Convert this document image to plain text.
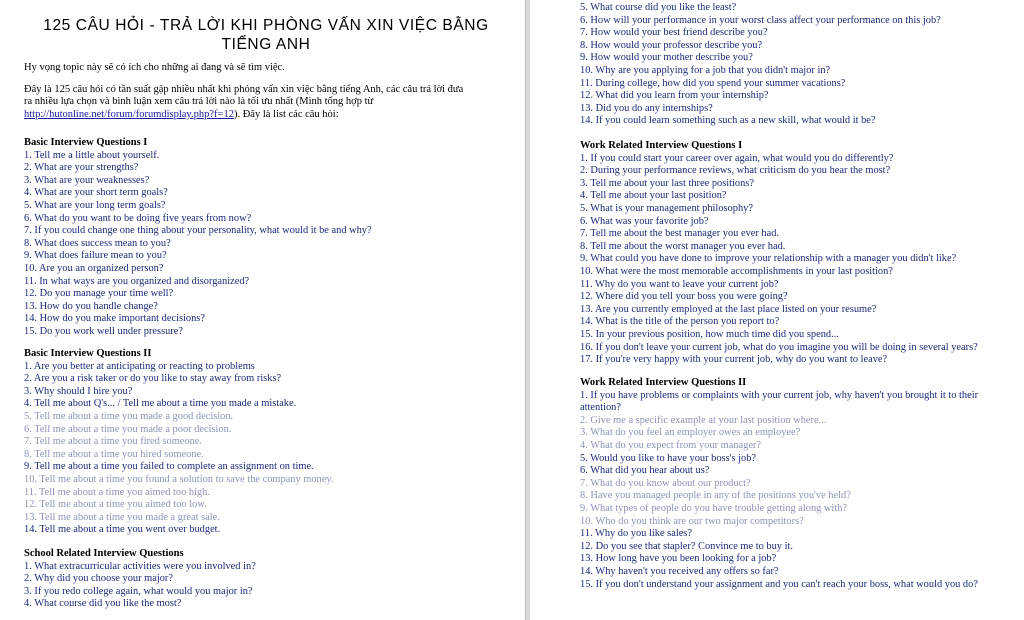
125 CÂU HỎI - TRẢ LỜI KHI PHÒNG VẤN XIN VIỆC BẰNG TIẾNG ANH
Hy vọng topic này sẽ có ích cho những ai đang và sẽ tìm việc.
Đây là 125 câu hỏi có tần suất gặp nhiều nhất khi phỏng vấn xin việc bằng tiếng Anh, các câu trả lời đưa ra nhiều lựa chọn và bình luận xem câu trả lời nào là tối ưu nhất (Mình tổng hợp từ http://hutonline.net/forum/forumdisplay.php?f=12). Đây là list các câu hỏi:
Basic Interview Questions I
1. Tell me a little about yourself.
2. What are your strengths?
3. What are your weaknesses?
4. What are your short term goals?
5. What are your long term goals?
6. What do you want to be doing five years from now?
7. If you could change one thing about your personality, what would it be and why?
8. What does success mean to you?
9. What does failure mean to you?
10. Are you an organized person?
11. In what ways are you organized and disorganized?
12. Do you manage your time well?
13. How do you handle change?
14. How do you make important decisions?
15. Do you work well under pressure?
Basic Interview Questions II
1. Are you better at anticipating or reacting to problems
2. Are you a risk taker or do you like to stay away from risks?
3. Why should I hire you?
4. Tell me about Q's... / Tell me about a time you made a mistake.
5. Tell me about a time you made a good decision.
6. Tell me about a time you made a poor decision.
7. Tell me about a time you fired someone.
8. Tell me about a time you hired someone.
9. Tell me about a time you failed to complete an assignment on time.
10. Tell me about a time you found a solution to save the company money.
11. Tell me about a time you aimed too high.
12. Tell me about a time you aimed too low.
13. Tell me about a time you made a great sale.
14. Tell me about a time you went over budget.
School Related Interview Questions
1. What extracurricular activities were you involved in?
2. Why did you choose your major?
3. If you redo college again, what would you major in?
4. What course did you like the most?
5. What course did you like the least?
6. How will your performance in your worst class affect your performance on this job?
7. How would your best friend describe you?
8. How would your professor describe you?
9. How would your mother describe you?
10. Why are you applying for a job that you didn't major in?
11. During college, how did you spend your summer vacations?
12. What did you learn from your internship?
13. Did you do any internships?
14. If you could learn something such as a new skill, what would it be?
Work Related Interview Questions I
1. If you could start your career over again, what would you do differently?
2. During your performance reviews, what criticism do you hear the most?
3. Tell me about your last three positions?
4. Tell me about your last position?
5. What is your management philosophy?
6. What was your favorite job?
7. Tell me about the best manager you ever had.
8. Tell me about the worst manager you ever had.
9. What could you have done to improve your relationship with a manager you didn't like?
10. What were the most memorable accomplishments in your last position?
11. Why do you want to leave your current job?
12. Where did you tell your boss you were going?
13. Are you currently employed at the last place listed on your resume?
14. What is the title of the person you report to?
15. In your previous position, how much time did you spend...
16. If you don't leave your current job, what do you imagine you will be doing in several years?
17. If you're very happy with your current job, why do you want to leave?
Work Related Interview Questions II
1. If you have problems or complaints with your current job, why haven't you brought it to their attention?
2. Give me a specific example at your last position where...
3. What do you feel an employer owes an employee?
4. What do you expect from your manager?
5. Would you like to have your boss's job?
6. What did you hear about us?
7. What do you know about our product?
8. Have you managed people in any of the positions you've held?
9. What types of people do you have trouble getting along with?
10. Who do you think are our two major competitors?
11. Why do you like sales?
12. Do you see that stapler? Convince me to buy it.
13. How long have you been looking for a job?
14. Why haven't you received any offers so far?
15. If you don't understand your assignment and you can't reach your boss, what would you do?
